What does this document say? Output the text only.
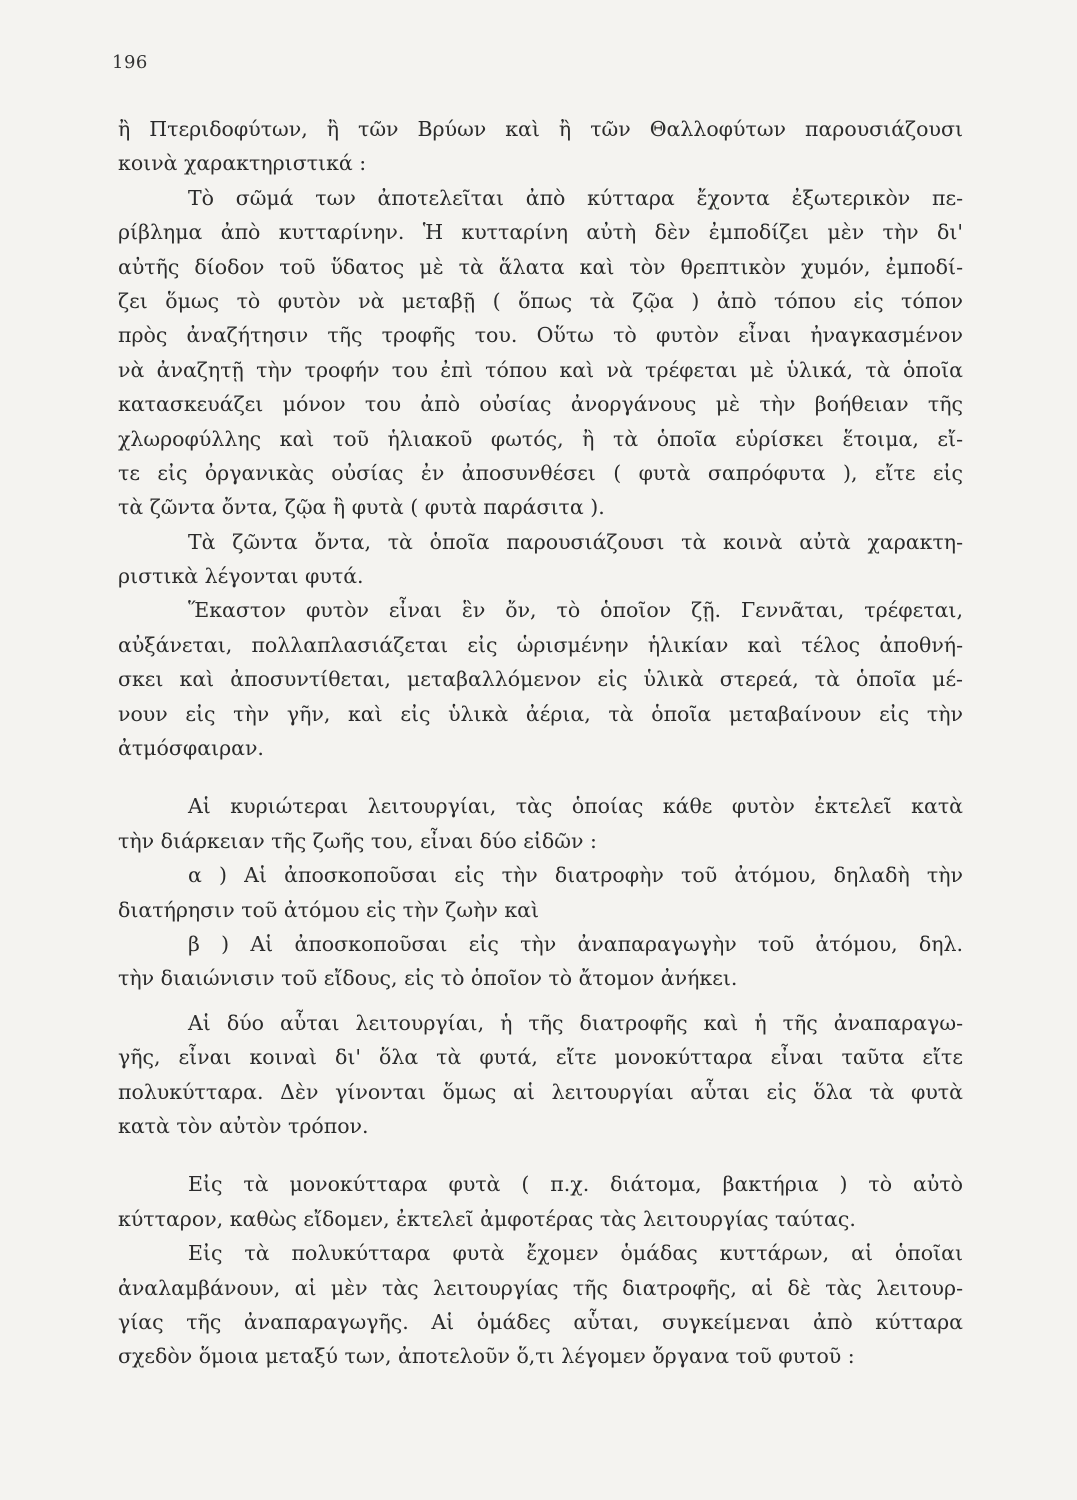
196
ἢ Πτεριδοφύτων, ἢ τῶν Βρύων καὶ ἢ τῶν Θαλλοφύτων παρουσιάζουσι
κοινὰ χαρακτηριστικά :
Τὸ σῶμά των ἀποτελεῖται ἀπὸ κύτταρα ἔχοντα ἐξωτερικὸν πε-
ρίβλημα ἀπὸ κυτταρίνην. Ἡ κυτταρίνη αὐτὴ δὲν ἐμποδίζει μὲν τὴν δι'
αὐτῆς δίοδον τοῦ ὕδατος μὲ τὰ ἅλατα καὶ τὸν θρεπτικὸν χυμόν, ἐμποδί-
ζει ὅμως τὸ φυτὸν νὰ μεταβῇ ( ὅπως τὰ ζῷα ) ἀπὸ τόπου εἰς τόπον
πρὸς ἀναζήτησιν τῆς τροφῆς του. Οὕτω τὸ φυτὸν εἶναι ἠναγκασμένον
νὰ ἀναζητῇ τὴν τροφήν του ἐπὶ τόπου καὶ νὰ τρέφεται μὲ ὑλικά, τὰ ὁποῖα
κατασκευάζει μόνον του ἀπὸ οὐσίας ἀνοργάνους μὲ τὴν βοήθειαν τῆς
χλωροφύλλης καὶ τοῦ ἡλιακοῦ φωτός, ἢ τὰ ὁποῖα εὑρίσκει ἕτοιμα, εἴ-
τε εἰς ὀργανικὰς οὐσίας ἐν ἀποσυνθέσει ( φυτὰ σαπρόφυτα ), εἴτε εἰς
τὰ ζῶντα ὄντα, ζῷα ἢ φυτὰ ( φυτὰ παράσιτα ).
Τὰ ζῶντα ὄντα, τὰ ὁποῖα παρουσιάζουσι τὰ κοινὰ αὐτὰ χαρακτη-
ριστικὰ λέγονται φυτά.
Ἕκαστον φυτὸν εἶναι ἓν ὄν, τὸ ὁποῖον ζῇ. Γεννᾶται, τρέφεται,
αὐξάνεται, πολλαπλασιάζεται εἰς ὡρισμένην ἡλικίαν καὶ τέλος ἀποθνή-
σκει καὶ ἀποσυντίθεται, μεταβαλλόμενον εἰς ὑλικὰ στερεά, τὰ ὁποῖα μέ-
νουν εἰς τὴν γῆν, καὶ εἰς ὑλικὰ ἀέρια, τὰ ὁποῖα μεταβαίνουν εἰς τὴν
ἀτμόσφαιραν.
Αἱ κυριώτεραι λειτουργίαι, τὰς ὁποίας κάθε φυτὸν ἐκτελεῖ κατὰ
τὴν διάρκειαν τῆς ζωῆς του, εἶναι δύο εἰδῶν :
α ) Αἱ ἀποσκοποῦσαι εἰς τὴν διατροφὴν τοῦ ἀτόμου, δηλαδὴ τὴν
διατήρησιν τοῦ ἀτόμου εἰς τὴν ζωὴν καὶ
β ) Αἱ ἀποσκοποῦσαι εἰς τὴν ἀναπαραγωγὴν τοῦ ἀτόμου, δηλ.
τὴν διαιώνισιν τοῦ εἴδους, εἰς τὸ ὁποῖον τὸ ἄτομον ἀνήκει.
Αἱ δύο αὗται λειτουργίαι, ἡ τῆς διατροφῆς καὶ ἡ τῆς ἀναπαραγω-
γῆς, εἶναι κοιναὶ δι' ὅλα τὰ φυτά, εἴτε μονοκύτταρα εἶναι ταῦτα εἴτε
πολυκύτταρα. Δὲν γίνονται ὅμως αἱ λειτουργίαι αὗται εἰς ὅλα τὰ φυτὰ
κατὰ τὸν αὐτὸν τρόπον.
Εἰς τὰ μονοκύτταρα φυτὰ ( π.χ. διάτομα, βακτήρια ) τὸ αὐτὸ
κύτταρον, καθὼς εἴδομεν, ἐκτελεῖ ἀμφοτέρας τὰς λειτουργίας ταύτας.
Εἰς τὰ πολυκύτταρα φυτὰ ἔχομεν ὁμάδας κυττάρων, αἱ ὁποῖαι
ἀναλαμβάνουν, αἱ μὲν τὰς λειτουργίας τῆς διατροφῆς, αἱ δὲ τὰς λειτουρ-
γίας τῆς ἀναπαραγωγῆς. Αἱ ὁμάδες αὗται, συγκείμεναι ἀπὸ κύτταρα
σχεδὸν ὅμοια μεταξύ των, ἀποτελοῦν ὅ,τι λέγομεν ὄργανα τοῦ φυτοῦ :
